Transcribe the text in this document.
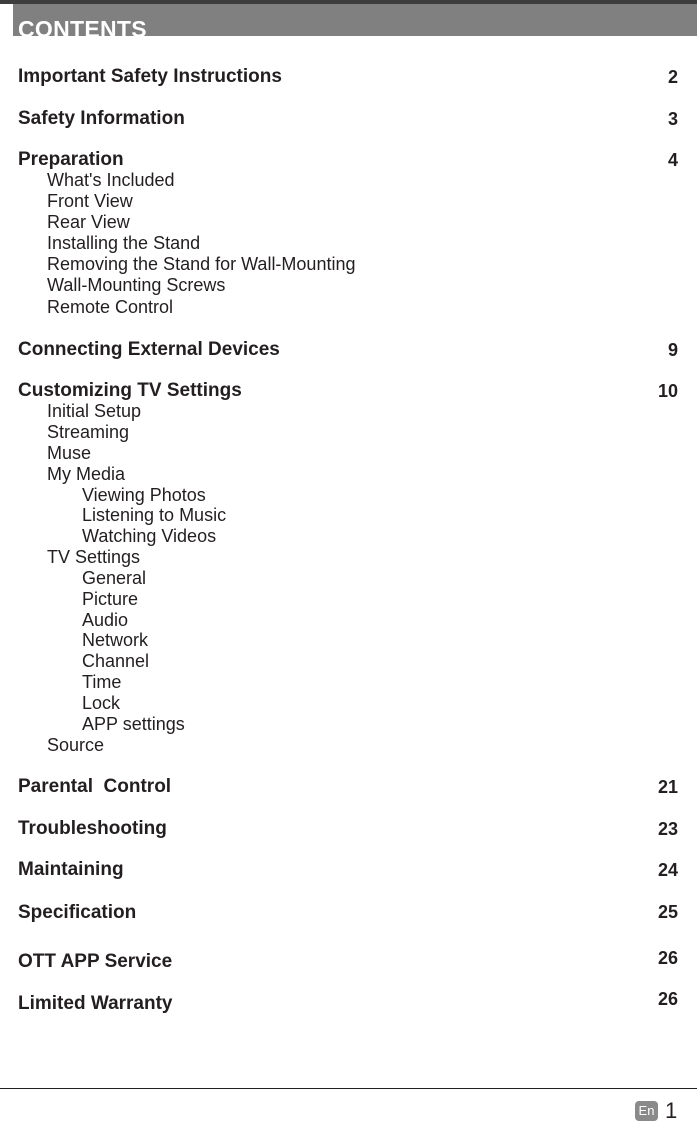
CONTENTS
Important Safety Instructions	2
Safety Information	3
Preparation	4
What's Included
Front View
Rear View
Installing the Stand
Removing the Stand for Wall-Mounting
Wall-Mounting Screws
Remote Control
Connecting External Devices	9
Customizing TV Settings	10
Initial Setup
Streaming
Muse
My Media
Viewing Photos
Listening to Music
Watching Videos
TV Settings
General
Picture
Audio
Network
Channel
Time
Lock
APP settings
Source
Parental  Control	21
Troubleshooting	23
Maintaining	24
Specification	25
OTT APP Service	26
Limited Warranty	26
En 1
